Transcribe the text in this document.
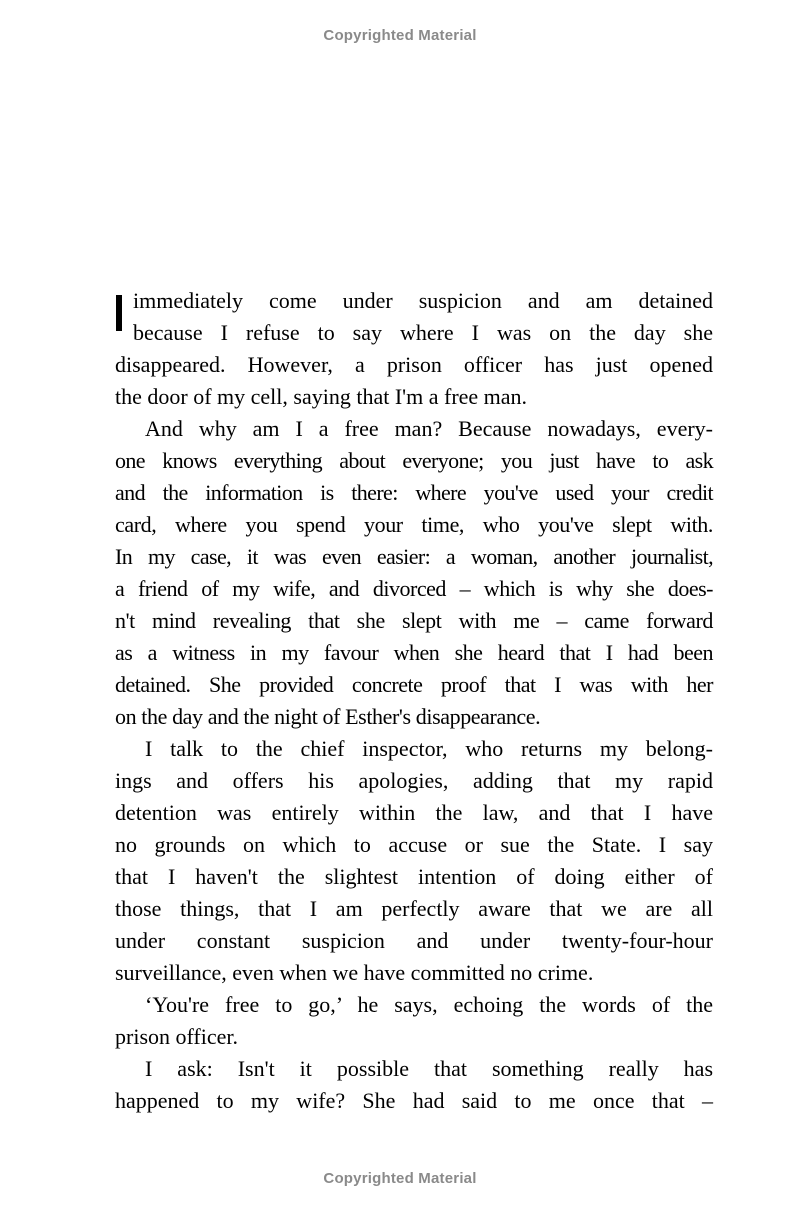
Copyrighted Material
immediately come under suspicion and am detained
because I refuse to say where I was on the day she
disappeared. However, a prison officer has just opened
the door of my cell, saying that I'm a free man.
And why am I a free man? Because nowadays, every-
one knows everything about everyone; you just have to ask
and the information is there: where you've used your credit
card, where you spend your time, who you've slept with.
In my case, it was even easier: a woman, another journalist,
a friend of my wife, and divorced – which is why she does-
n't mind revealing that she slept with me – came forward
as a witness in my favour when she heard that I had been
detained. She provided concrete proof that I was with her
on the day and the night of Esther's disappearance.
I talk to the chief inspector, who returns my belong-
ings and offers his apologies, adding that my rapid
detention was entirely within the law, and that I have
no grounds on which to accuse or sue the State. I say
that I haven't the slightest intention of doing either of
those things, that I am perfectly aware that we are all
under constant suspicion and under twenty-four-hour
surveillance, even when we have committed no crime.
‘You're free to go,’ he says, echoing the words of the
prison officer.
I ask: Isn't it possible that something really has
happened to my wife? She had said to me once that –
Copyrighted Material
